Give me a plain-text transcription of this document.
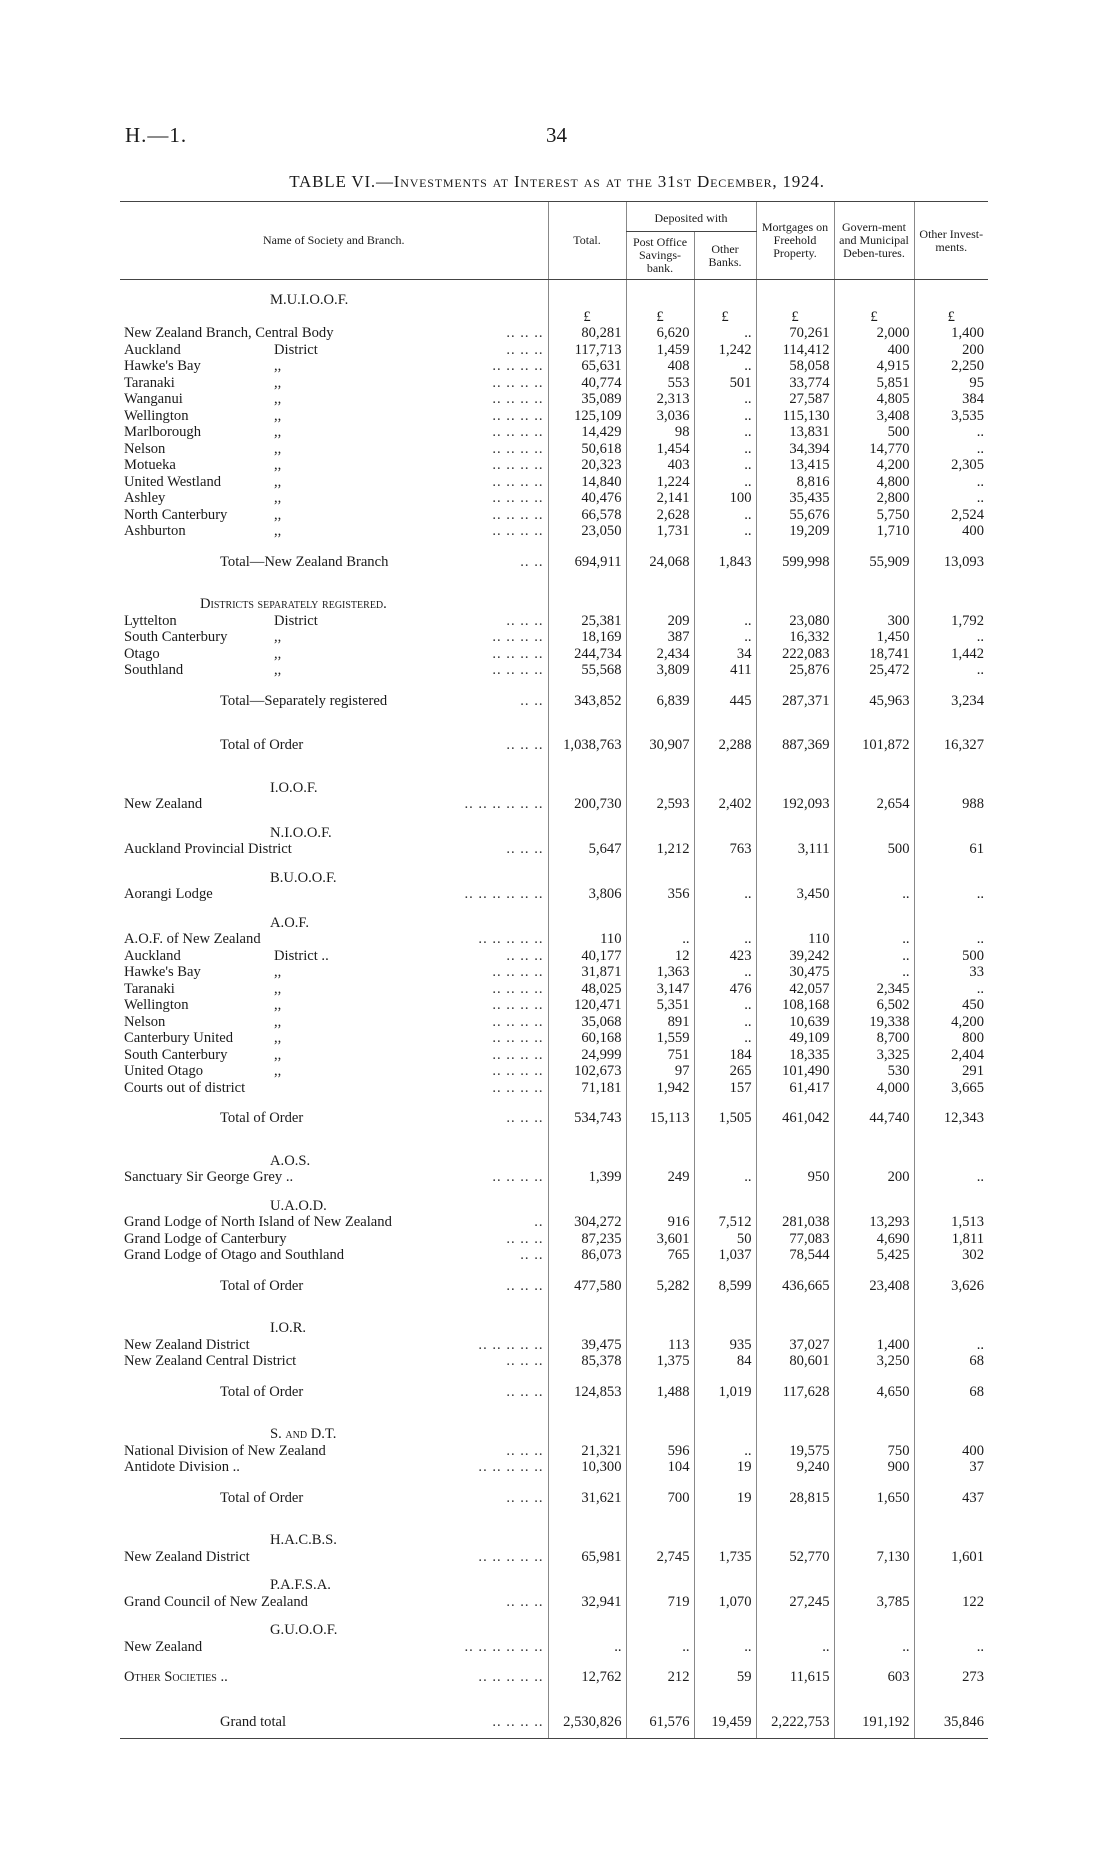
H.—1.	34
TABLE VI.—Investments at Interest as at the 31st December, 1924.
Name of Society and Branch.	Total.	Deposited with		Mortgages on Freehold Property.	Govern-ment and Municipal Deben-tures.	Other Invest-ments.
		Post Office Savings-bank.	Other Banks.			
M.U.I.O.O.F.						
	£	£	£	£	£	£
New Zealand Branch, Central Body .. .. ..	80,281	6,620	..	70,261	2,000	1,400
Auckland District .. .. ..	117,713	1,459	1,242	114,412	400	200
Hawke's Bay ,, .. .. .. ..	65,631	408	..	58,058	4,915	2,250
Taranaki ,, .. .. .. ..	40,774	553	501	33,774	5,851	95
Wanganui ,, .. .. .. ..	35,089	2,313	..	27,587	4,805	384
Wellington ,, .. .. .. ..	125,109	3,036	..	115,130	3,408	3,535
Marlborough ,, .. .. .. ..	14,429	98	..	13,831	500	..
Nelson ,, .. .. .. ..	50,618	1,454	..	34,394	14,770	..
Motueka ,, .. .. .. ..	20,323	403	..	13,415	4,200	2,305
United Westland ,, .. .. .. ..	14,840	1,224	..	8,816	4,800	..
Ashley ,, .. .. .. ..	40,476	2,141	100	35,435	2,800	..
North Canterbury ,, .. .. .. ..	66,578	2,628	..	55,676	5,750	2,524
Ashburton ,, .. .. .. ..	23,050	1,731	..	19,209	1,710	400
Total—New Zealand Branch .. ..	694,911	24,068	1,843	599,998	55,909	13,093
Districts separately registered.						
Lyttelton District .. .. ..	25,381	209	..	23,080	300	1,792
South Canterbury ,, .. .. .. ..	18,169	387	..	16,332	1,450	..
Otago ,, .. .. .. ..	244,734	2,434	34	222,083	18,741	1,442
Southland ,, .. .. .. ..	55,568	3,809	411	25,876	25,472	..
Total—Separately registered .. ..	343,852	6,839	445	287,371	45,963	3,234
Total of Order .. .. ..	1,038,763	30,907	2,288	887,369	101,872	16,327
I.O.O.F.						
New Zealand .. .. .. .. .. ..	200,730	2,593	2,402	192,093	2,654	988
N.I.O.O.F.						
Auckland Provincial District .. .. ..	5,647	1,212	763	3,111	500	61
B.U.O.O.F.						
Aorangi Lodge .. .. .. .. .. ..	3,806	356	..	3,450	..	..
A.O.F.						
A.O.F. of New Zealand .. .. .. .. ..	110	..	..	110	..	..
Auckland District .. .. .. ..	40,177	12	423	39,242	..	500
Hawke's Bay ,, .. .. .. ..	31,871	1,363	..	30,475	..	33
Taranaki ,, .. .. .. ..	48,025	3,147	476	42,057	2,345	..
Wellington ,, .. .. .. ..	120,471	5,351	..	108,168	6,502	450
Nelson ,, .. .. .. ..	35,068	891	..	10,639	19,338	4,200
Canterbury United ,, .. .. .. ..	60,168	1,559	..	49,109	8,700	800
South Canterbury ,, .. .. .. ..	24,999	751	184	18,335	3,325	2,404
United Otago ,, .. .. .. ..	102,673	97	265	101,490	530	291
Courts out of district .. .. .. ..	71,181	1,942	157	61,417	4,000	3,665
Total of Order .. .. ..	534,743	15,113	1,505	461,042	44,740	12,343
A.O.S.						
Sanctuary Sir George Grey .. .. .. .. ..	1,399	249	..	950	200	..
U.A.O.D.						
Grand Lodge of North Island of New Zealand ..	304,272	916	7,512	281,038	13,293	1,513
Grand Lodge of Canterbury .. .. ..	87,235	3,601	50	77,083	4,690	1,811
Grand Lodge of Otago and Southland .. ..	86,073	765	1,037	78,544	5,425	302
Total of Order .. .. ..	477,580	5,282	8,599	436,665	23,408	3,626
I.O.R.						
New Zealand District .. .. .. .. ..	39,475	113	935	37,027	1,400	..
New Zealand Central District .. .. ..	85,378	1,375	84	80,601	3,250	68
Total of Order .. .. ..	124,853	1,488	1,019	117,628	4,650	68
S. and D.T.						
National Division of New Zealand .. .. ..	21,321	596	..	19,575	750	400
Antidote Division .. .. .. .. .. ..	10,300	104	19	9,240	900	37
Total of Order .. .. ..	31,621	700	19	28,815	1,650	437
H.A.C.B.S.						
New Zealand District .. .. .. .. ..	65,981	2,745	1,735	52,770	7,130	1,601
P.A.F.S.A.						
Grand Council of New Zealand .. .. ..	32,941	719	1,070	27,245	3,785	122
G.U.O.O.F.						
New Zealand .. .. .. .. .. ..	..	..	..	..	..	..
Other Societies .. .. .. .. .. ..	12,762	212	59	11,615	603	273
Grand total .. .. .. ..	2,530,826	61,576	19,459	2,222,753	191,192	35,846
